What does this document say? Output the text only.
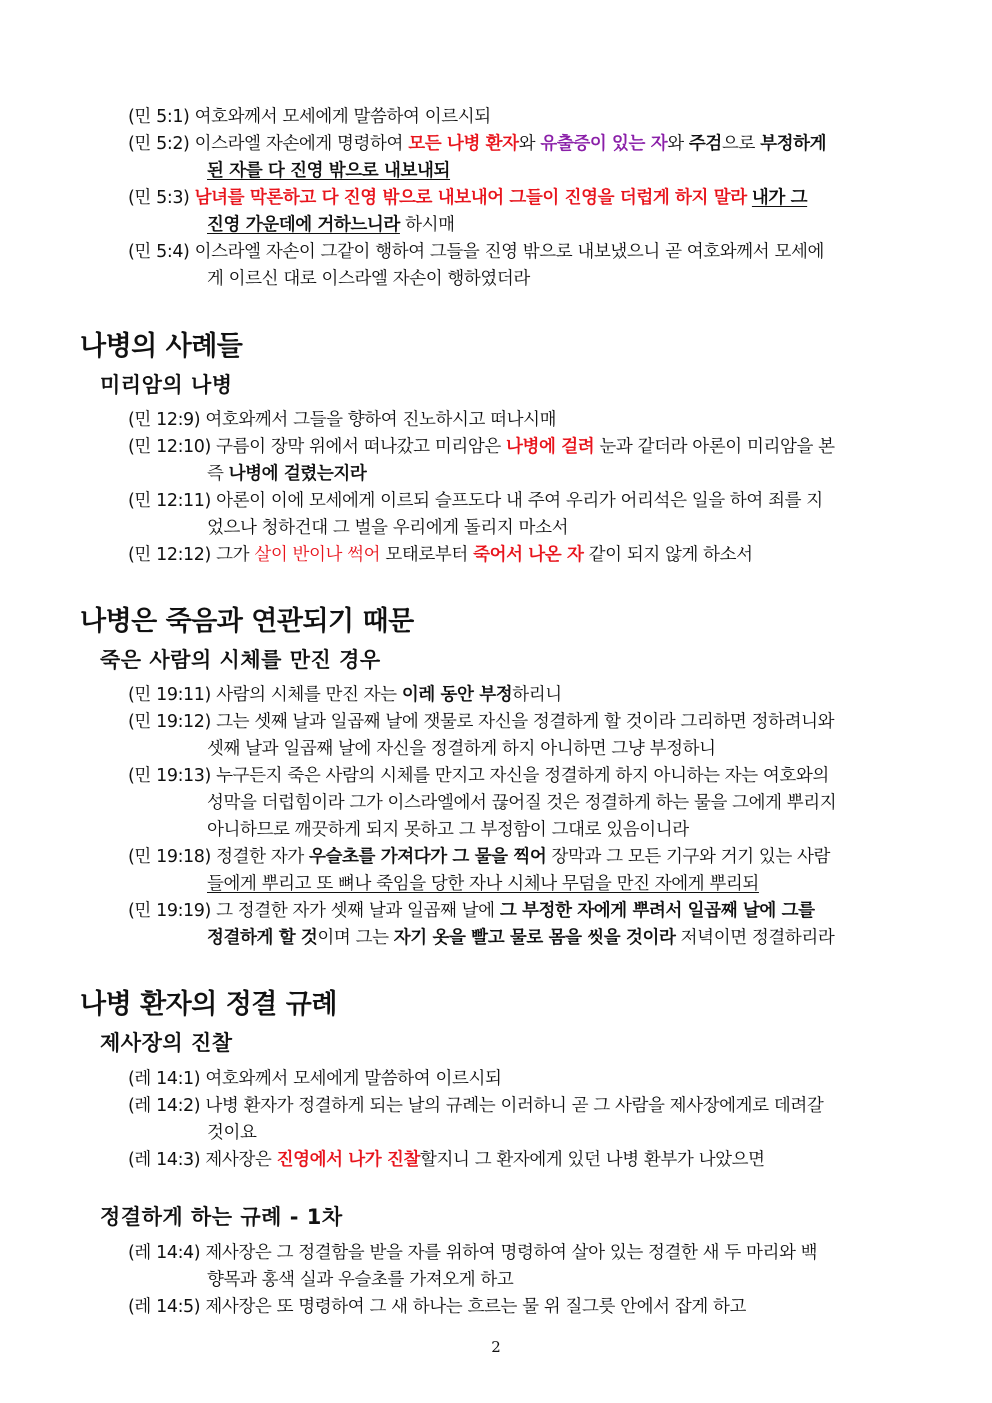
(민 5:1) 여호와께서 모세에게 말씀하여 이르시되
(민 5:2) 이스라엘 자손에게 명령하여 모든 나병 환자와 유출증이 있는 자와 주검으로 부정하게
된 자를 다 진영 밖으로 내보내되
(민 5:3) 남녀를 막론하고 다 진영 밖으로 내보내어 그들이 진영을 더럽게 하지 말라 내가 그
진영 가운데에 거하느니라 하시매
(민 5:4) 이스라엘 자손이 그같이 행하여 그들을 진영 밖으로 내보냈으니 곧 여호와께서 모세에
게 이르신 대로 이스라엘 자손이 행하였더라
나병의 사례들
미리암의 나병
(민 12:9) 여호와께서 그들을 향하여 진노하시고 떠나시매
(민 12:10) 구름이 장막 위에서 떠나갔고 미리암은 나병에 걸려 눈과 같더라 아론이 미리암을 본
즉 나병에 걸렸는지라
(민 12:11) 아론이 이에 모세에게 이르되 슬프도다 내 주여 우리가 어리석은 일을 하여 죄를 지
었으나 청하건대 그 벌을 우리에게 돌리지 마소서
(민 12:12) 그가 살이 반이나 썩어 모태로부터 죽어서 나온 자 같이 되지 않게 하소서
나병은 죽음과 연관되기 때문
죽은 사람의 시체를 만진 경우
(민 19:11) 사람의 시체를 만진 자는 이레 동안 부정하리니
(민 19:12) 그는 셋째 날과 일곱째 날에 잿물로 자신을 정결하게 할 것이라 그리하면 정하려니와
셋째 날과 일곱째 날에 자신을 정결하게 하지 아니하면 그냥 부정하니
(민 19:13) 누구든지 죽은 사람의 시체를 만지고 자신을 정결하게 하지 아니하는 자는 여호와의
성막을 더럽힘이라 그가 이스라엘에서 끊어질 것은 정결하게 하는 물을 그에게 뿌리지
아니하므로 깨끗하게 되지 못하고 그 부정함이 그대로 있음이니라
(민 19:18) 정결한 자가 우슬초를 가져다가 그 물을 찍어 장막과 그 모든 기구와 거기 있는 사람
들에게 뿌리고 또 뼈나 죽임을 당한 자나 시체나 무덤을 만진 자에게 뿌리되
(민 19:19) 그 정결한 자가 셋째 날과 일곱째 날에 그 부정한 자에게 뿌려서 일곱째 날에 그를
정결하게 할 것이며 그는 자기 옷을 빨고 물로 몸을 씻을 것이라 저녁이면 정결하리라
나병 환자의 정결 규례
제사장의 진찰
(레 14:1) 여호와께서 모세에게 말씀하여 이르시되
(레 14:2) 나병 환자가 정결하게 되는 날의 규례는 이러하니 곧 그 사람을 제사장에게로 데려갈
것이요
(레 14:3) 제사장은 진영에서 나가 진찰할지니 그 환자에게 있던 나병 환부가 나았으면
정결하게 하는 규례 - 1차
(레 14:4) 제사장은 그 정결함을 받을 자를 위하여 명령하여 살아 있는 정결한 새 두 마리와 백
향목과 홍색 실과 우슬초를 가져오게 하고
(레 14:5) 제사장은 또 명령하여 그 새 하나는 흐르는 물 위 질그릇 안에서 잡게 하고
2
